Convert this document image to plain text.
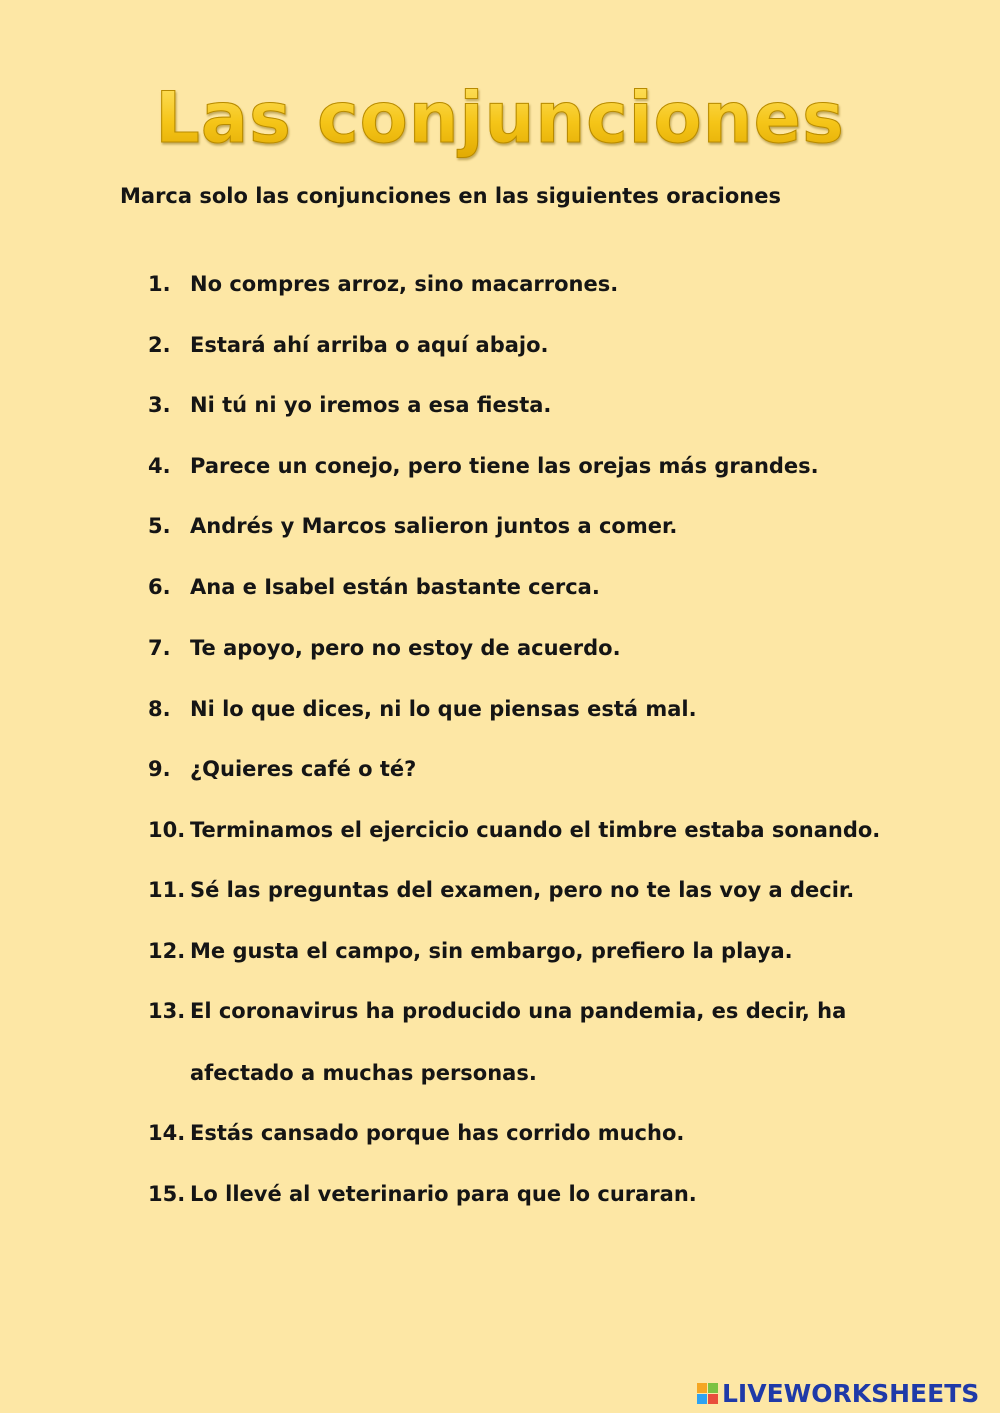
Las conjunciones
Marca solo las conjunciones en las siguientes oraciones
1. No compres arroz, sino macarrones.
2. Estará ahí arriba o aquí abajo.
3. Ni tú ni yo iremos a esa fiesta.
4. Parece un conejo, pero tiene las orejas más grandes.
5. Andrés y Marcos salieron juntos a comer.
6. Ana e Isabel están bastante cerca.
7. Te apoyo, pero no estoy de acuerdo.
8. Ni lo que dices, ni lo que piensas está mal.
9. ¿Quieres café o té?
10. Terminamos el ejercicio cuando el timbre estaba sonando.
11. Sé las preguntas del examen, pero no te las voy a decir.
12. Me gusta el campo, sin embargo, prefiero la playa.
13. El coronavirus ha producido una pandemia, es decir, ha
afectado a muchas personas.
14. Estás cansado porque has corrido mucho.
15. Lo llevé al veterinario para que lo curaran.
LIVEWORKSHEETS
